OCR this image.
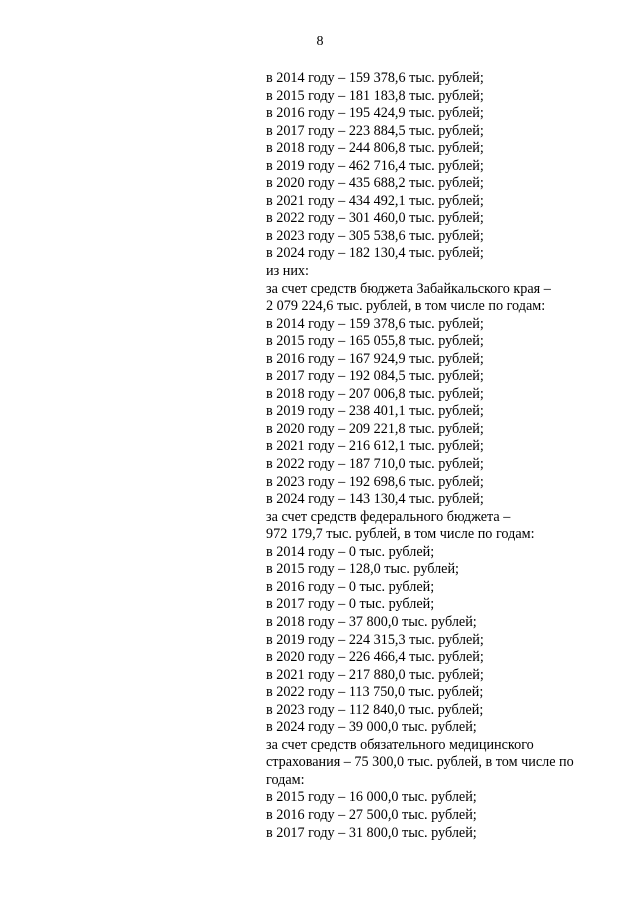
8
в 2014 году – 159 378,6 тыс. рублей;
в 2015 году – 181 183,8 тыс. рублей;
в 2016 году – 195 424,9 тыс. рублей;
в 2017 году – 223 884,5 тыс. рублей;
в 2018 году – 244 806,8 тыс. рублей;
в 2019 году – 462 716,4 тыс. рублей;
в 2020 году – 435 688,2 тыс. рублей;
в 2021 году – 434 492,1 тыс. рублей;
в 2022 году – 301 460,0 тыс. рублей;
в 2023 году – 305 538,6 тыс. рублей;
в 2024 году – 182 130,4 тыс. рублей;
из них:
за счет средств бюджета Забайкальского края –
2 079 224,6 тыс. рублей, в том числе по годам:
в 2014 году – 159 378,6 тыс. рублей;
в 2015 году – 165 055,8 тыс. рублей;
в 2016 году – 167 924,9 тыс. рублей;
в 2017 году – 192 084,5 тыс. рублей;
в 2018 году – 207 006,8 тыс. рублей;
в 2019 году – 238 401,1 тыс. рублей;
в 2020 году – 209 221,8 тыс. рублей;
в 2021 году – 216 612,1 тыс. рублей;
в 2022 году – 187 710,0 тыс. рублей;
в 2023 году – 192 698,6 тыс. рублей;
в 2024 году – 143 130,4 тыс. рублей;
за счет средств федерального бюджета –
972 179,7 тыс. рублей, в том числе по годам:
в 2014 году – 0 тыс. рублей;
в 2015 году – 128,0 тыс. рублей;
в 2016 году – 0 тыс. рублей;
в 2017 году – 0 тыс. рублей;
в 2018 году – 37 800,0 тыс. рублей;
в 2019 году – 224 315,3 тыс. рублей;
в 2020 году – 226 466,4 тыс. рублей;
в 2021 году – 217 880,0 тыс. рублей;
в 2022 году – 113 750,0 тыс. рублей;
в 2023 году – 112 840,0 тыс. рублей;
в 2024 году – 39 000,0 тыс. рублей;
за счет средств обязательного медицинского
страхования – 75 300,0 тыс. рублей, в том числе по
годам:
в 2015 году – 16 000,0 тыс. рублей;
в 2016 году – 27 500,0 тыс. рублей;
в 2017 году – 31 800,0 тыс. рублей;
